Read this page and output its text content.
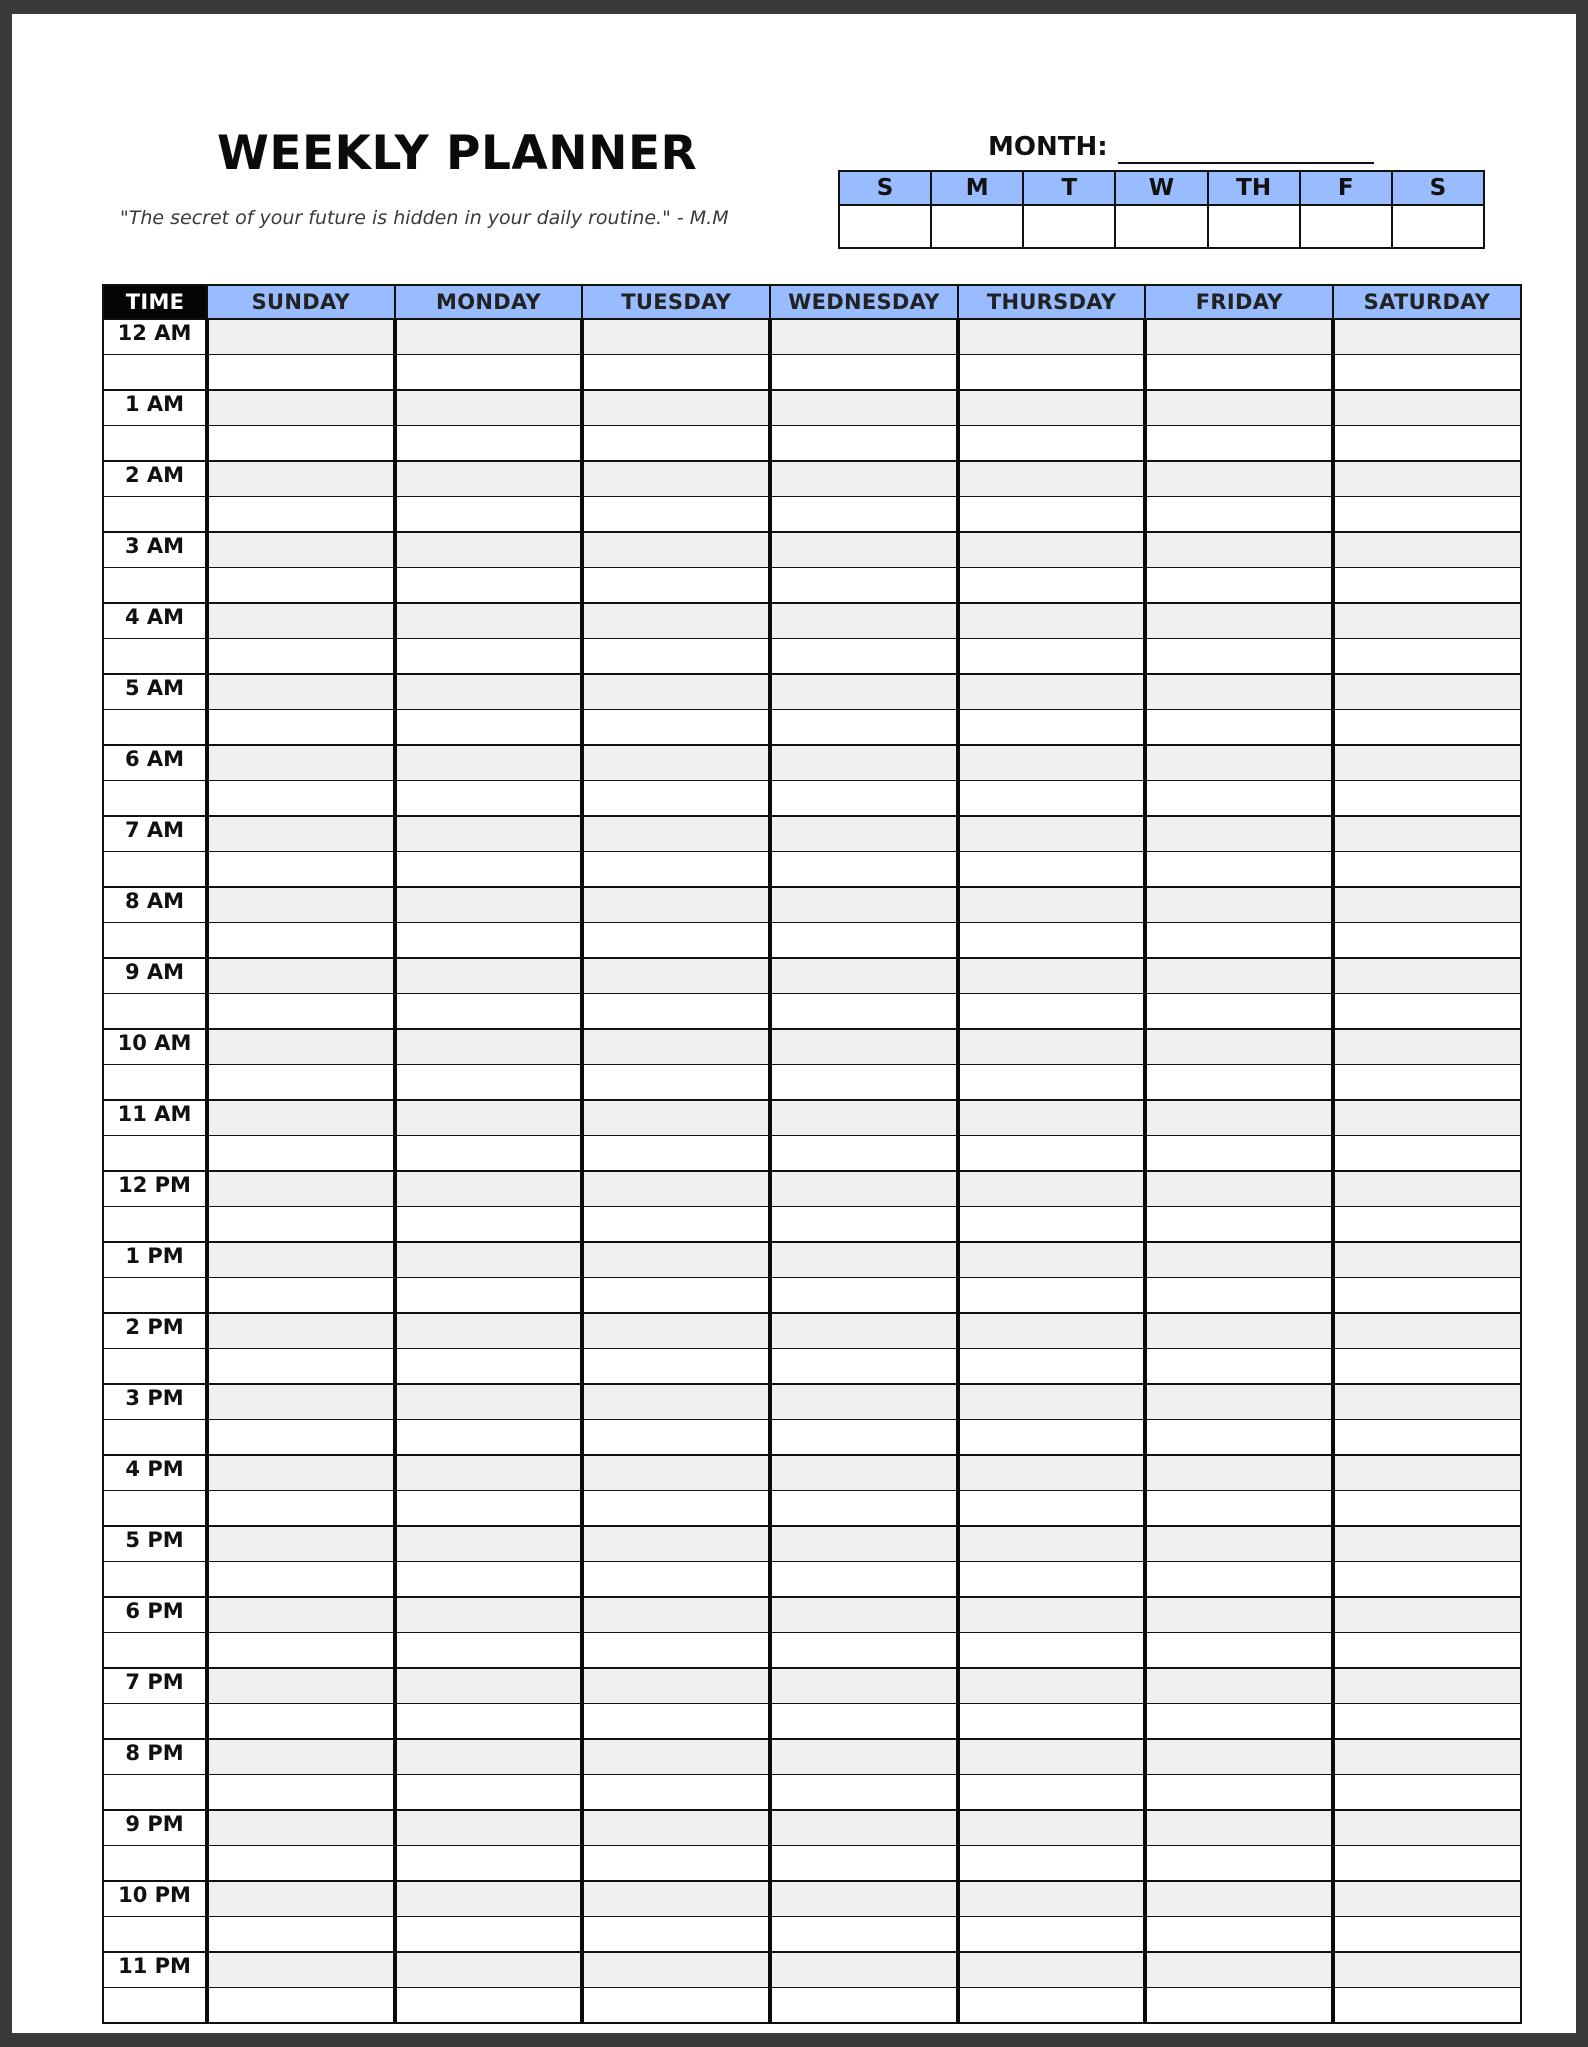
WEEKLY PLANNER
"The secret of your future is hidden in your daily routine." - M.M
MONTH:
S	M	T	W	TH	F	S

TIME	SUNDAY	MONDAY	TUESDAY	WEDNESDAY	THURSDAY	FRIDAY	SATURDAY
12 AM							

1 AM							

2 AM							

3 AM							

4 AM							

5 AM							

6 AM							

7 AM							

8 AM							

9 AM							

10 AM							

11 AM							

12 PM							

1 PM							

2 PM							

3 PM							

4 PM							

5 PM							

6 PM							

7 PM							

8 PM							

9 PM							

10 PM							

11 PM							
